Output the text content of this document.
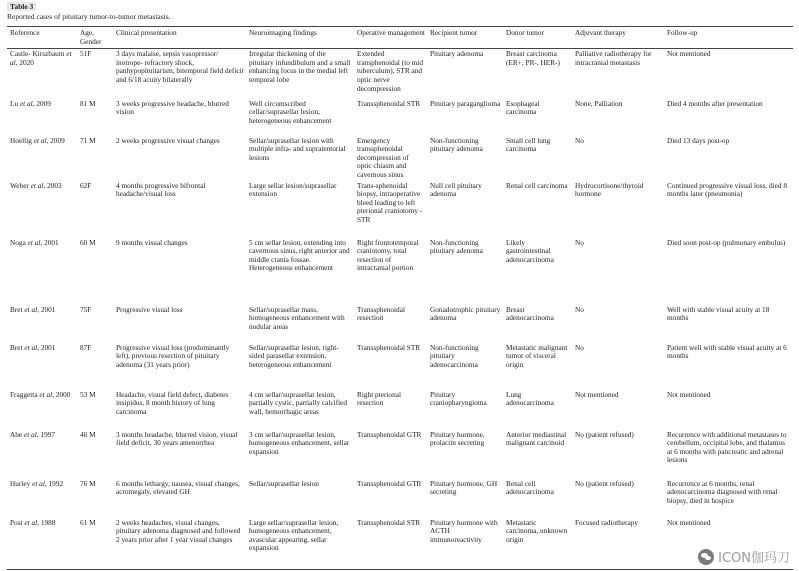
Table 3
Reported cases of pituitary tumor-to-tumor metastasis.
Reference	Age, Gender	Clinical presentation	Neuroimaging findings	Operative management	Recipient tumor	Donor tumor	Adjuvant therapy	Follow-up
Castle- Kirszbaum et al, 2020	51F	3 days malaise, sepsis vasopressor/ inotrope- refractory shock, panhypopituitarism, bitemporal field deficit and 6/18 acuity bilaterally	Irregular thickening of the pituitary infundibulum and a small enhancing focus in the medial left temporal lobe	Extended transphenoidal (to mid tuberculum), STR and optic nerve decompression	Pituitary adenoma	Breast carcinoma (ER+, PR-, HER-)	Palliative radiotherapy for intracranial metastasis	Not mentioned
Lu et al, 2009	81 M	3 weeks progressive headache, blurred vision	Well circumscribed cellar/suprasellar lesion, heterogeneous enhancement	Transsphenoidal STR	Pituitary paraganglioma	Esophageal carcinoma	None, Palliation	Died 4 months after presentation
Hoellig et al, 2009	71 M	2 weeks progressive visual changes	Sellar/suprasellar lesion with multiple infra- and supratentorial lesions	Emergency transsphenoidal decompression of optic chiasm and cavernous sinus	Non-functioning pituitary adenoma	Small cell lung carcinoma	No	Died 13 days post-op
Weber et al, 2003	62F	4 months progressive bifrontal headache/visual loss	Large sellar lesion/suprasellar extension	Trans-sphenoidal biopsy, intraoperative bleed leading to left pterional craniotomy - STR	Null cell pituitary adenoma	Renal cell carcinoma	Hydrocortisone/thyroid hormone	Continued progressive visual loss, died 8 months later (pneumonia)
Noga et al, 2001	60 M	9 months visual changes	5 cm sellar lesion, extending into cavernous sinus, right anterior and middle crania fossae. Heterogeneous enhancement	Right frontotemporal craniotomy, total resection of intracranial portion	Non-functioning pituitary adenoma	Likely gastrointestinal adenocarcinoma	No	Died soon post-op (pulmonary embolus)
Bret et al, 2001	75F	Progressive visual loss	Sellar/suprasellar mass, homogeneous enhancement with nodular areas	Transsphenoidal resection	Gonadotrophic pituitary adenoma	Breast adenocarcinoma	No	Well with stable visual acuity at 18 months
Bret et al, 2001	87F	Progressive visual loss (predominantly left), previous resection of pituitary adenoma (31 years prior)	Sellar/suprasellar lesion, right-sided parasellar extension, heterogeneous enhancement	Transsphenoidal STR	Non-functioning pituitary adenocarcinoma	Metastatic malignant tumor of visceral origin	No	Patient well with stable visual acuity at 6 months
Fraggetta et al, 2000	53 M	Headache, visual field defect, diabetes insipidus, 8 month history of lung carcinoma	4 cm sellar/suprasellar lesion, partially cystic, partially calcified wall, hemorrhagic areas	Right pterional resection	Pituitary craniopharyngioma	Lung adenocarcinoma	Not mentioned	Not mentioned
Abe et al, 1997	46 M	3 months headache, blurred vision, visual field deficit, 30 years amenorrhea	3 cm sellar/suprasellar lesion, homogeneous enhancement, sellar expansion	Transsphenoidal GTR	Pituitary hormone, prolactin secreting	Anterior mediastinal malignant carcinoid	No (patient refused)	Recurrence with additional metastases to cerebellum, occipital lobe, and thalamus at 6 months with pancreatic and adrenal lesions
Hurley et al, 1992	76 M	6 months lethargy, nausea, visual changes, acromegaly, elevated GH	Sellar/suprasellar lesion	Transsphenoidal GTR	Pituitary hormone, GH secreting	Renal cell adenocarcinoma	No (patient refused)	Recurrence at 6 months, renal adenocarcinoma diagnosed with renal biopsy, died in hospice
Post et al, 1988	61 M	2 weeks headaches, visual changes, pituitary adenoma diagnosed and followed 2 years prior after 1 year visual changes	Large sellar/suprasellar lesion, homogeneous enhancement, avascular appearing, sellar expansion	Transsphenoidal STR	Pituitary hormone with ACTH immunoreactivity	Metastatic carcinoma, unknown origin	Focused radiotherapy	Not mentioned
ICON伽玛刀
